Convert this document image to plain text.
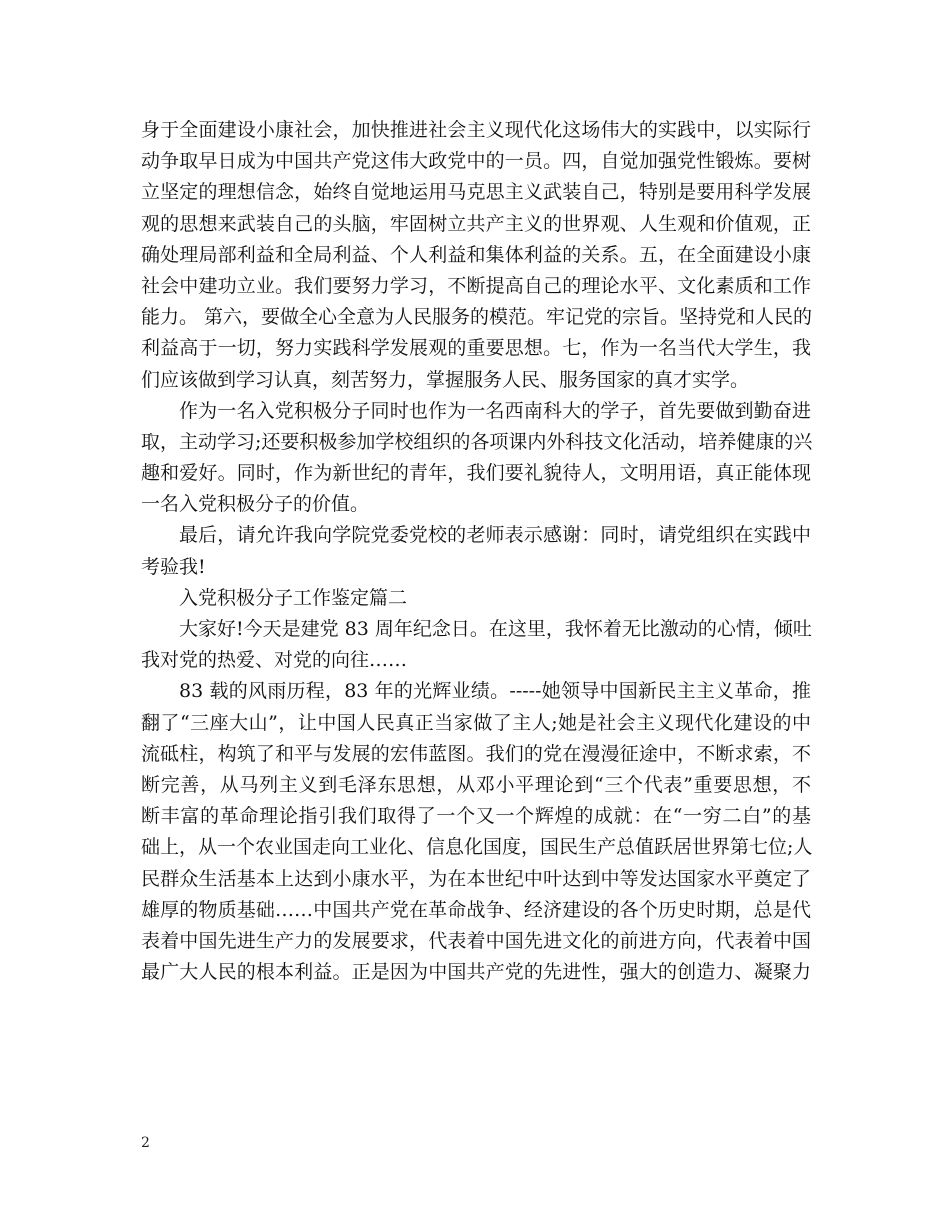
身于全面建设小康社会，加快推进社会主义现代化这场伟大的实践中，以实际行
动争取早日成为中国共产党这伟大政党中的一员。四，自觉加强党性锻炼。要树
立坚定的理想信念，始终自觉地运用马克思主义武装自己，特别是要用科学发展
观的思想来武装自己的头脑，牢固树立共产主义的世界观、人生观和价值观，正
确处理局部利益和全局利益、个人利益和集体利益的关系。五，在全面建设小康
社会中建功立业。我们要努力学习，不断提高自己的理论水平、文化素质和工作
能力。 第六，要做全心全意为人民服务的模范。牢记党的宗旨。坚持党和人民的
利益高于一切，努力实践科学发展观的重要思想。七，作为一名当代大学生，我
们应该做到学习认真，刻苦努力，掌握服务人民、服务国家的真才实学。
作为一名入党积极分子同时也作为一名西南科大的学子，首先要做到勤奋进
取，主动学习;还要积极参加学校组织的各项课内外科技文化活动，培养健康的兴
趣和爱好。同时，作为新世纪的青年，我们要礼貌待人，文明用语，真正能体现
一名入党积极分子的价值。
最后，请允许我向学院党委党校的老师表示感谢：同时，请党组织在实践中
考验我!
入党积极分子工作鉴定篇二
大家好!今天是建党 83 周年纪念日。在这里，我怀着无比激动的心情，倾吐
我对党的热爱、对党的向往……
83 载的风雨历程，83 年的光辉业绩。-----她领导中国新民主主义革命，推
翻了“三座大山”，让中国人民真正当家做了主人;她是社会主义现代化建设的中
流砥柱，构筑了和平与发展的宏伟蓝图。我们的党在漫漫征途中，不断求索，不
断完善，从马列主义到毛泽东思想，从邓小平理论到“三个代表”重要思想，不
断丰富的革命理论指引我们取得了一个又一个辉煌的成就：在“一穷二白”的基
础上，从一个农业国走向工业化、信息化国度，国民生产总值跃居世界第七位;人
民群众生活基本上达到小康水平，为在本世纪中叶达到中等发达国家水平奠定了
雄厚的物质基础……中国共产党在革命战争、经济建设的各个历史时期，总是代
表着中国先进生产力的发展要求，代表着中国先进文化的前进方向，代表着中国
最广大人民的根本利益。正是因为中国共产党的先进性，强大的创造力、凝聚力
2
